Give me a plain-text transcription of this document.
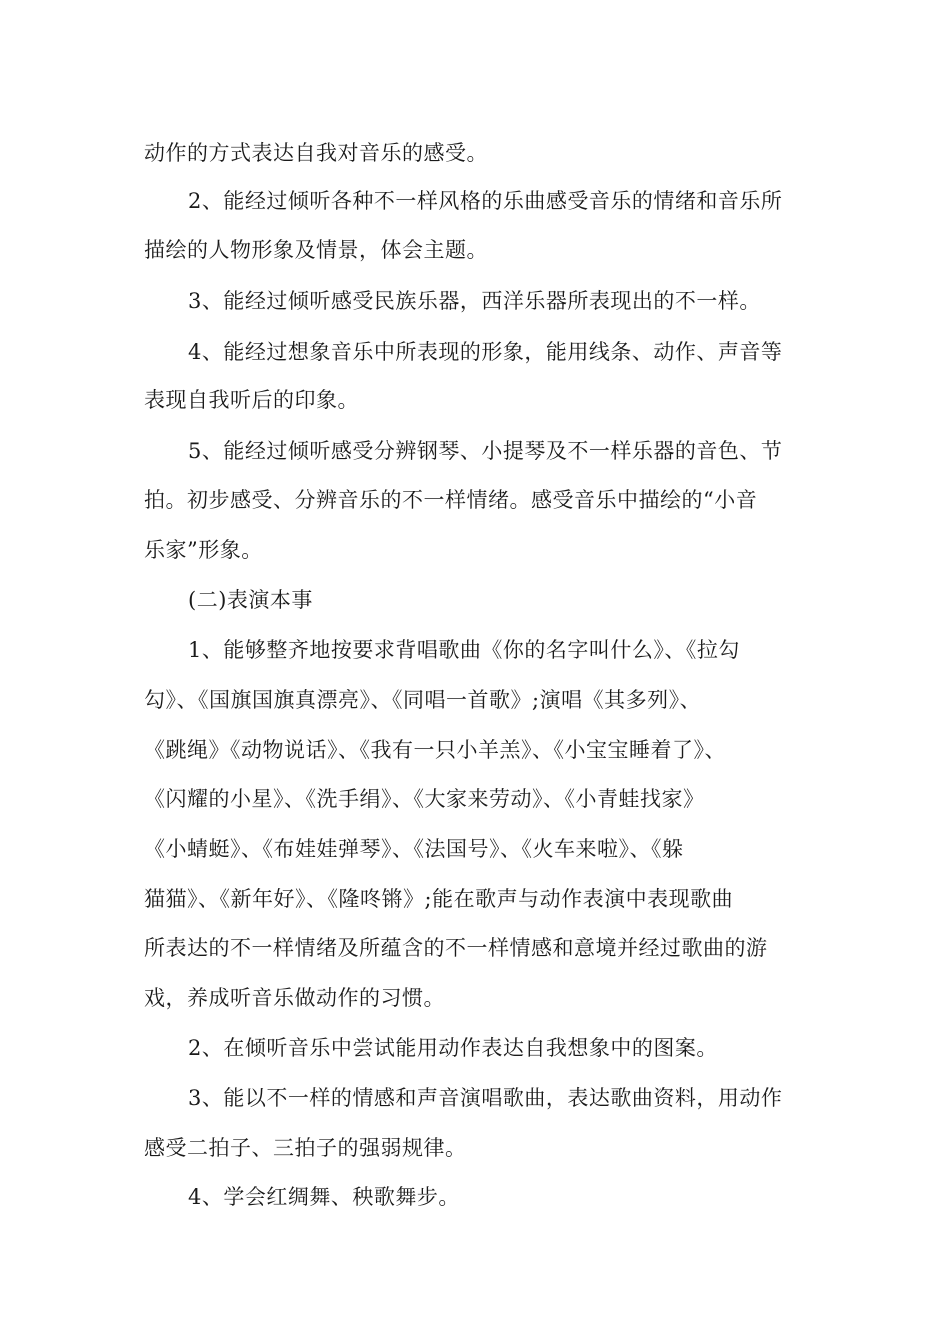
动作的方式表达自我对音乐的感受。
2、能经过倾听各种不一样风格的乐曲感受音乐的情绪和音乐所
描绘的人物形象及情景，体会主题。
3、能经过倾听感受民族乐器，西洋乐器所表现出的不一样。
4、能经过想象音乐中所表现的形象，能用线条、动作、声音等
表现自我听后的印象。
5、能经过倾听感受分辨钢琴、小提琴及不一样乐器的音色、节
拍。初步感受、分辨音乐的不一样情绪。感受音乐中描绘的“小音
乐家”形象。
(二)表演本事
1、能够整齐地按要求背唱歌曲《你的名字叫什么》、《拉勾
勾》、《国旗国旗真漂亮》、《同唱一首歌》;演唱《其多列》、
《跳绳》《动物说话》、《我有一只小羊羔》、《小宝宝睡着了》、
《闪耀的小星》、《洗手绢》、《大家来劳动》、《小青蛙找家》
《小蜻蜓》、《布娃娃弹琴》、《法国号》、《火车来啦》、《躲
猫猫》、《新年好》、《隆咚锵》;能在歌声与动作表演中表现歌曲
所表达的不一样情绪及所蕴含的不一样情感和意境并经过歌曲的游
戏，养成听音乐做动作的习惯。
2、在倾听音乐中尝试能用动作表达自我想象中的图案。
3、能以不一样的情感和声音演唱歌曲，表达歌曲资料，用动作
感受二拍子、三拍子的强弱规律。
4、学会红绸舞、秧歌舞步。
